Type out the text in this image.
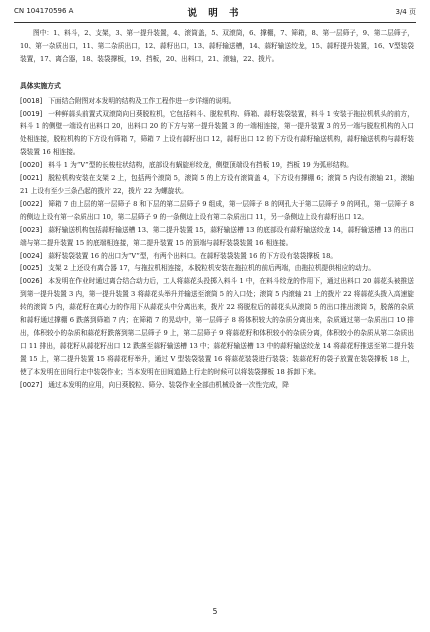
CN 104170596 A	说 明 书	3/4 页

图中：1、料斗，2、支架，3、第一提升装置，4、滚筒盖，5、双滚筒，6、撑棚，7、筛箱，8、第一层筛子，9、第二层筛子，10、第一杂质出口，11、第二杂质出口，12、蒜籽出口，13、蒜籽输送槽，14、蒜籽输送绞龙，15、蒜籽提升装置，16、V型装袋装置，17、离合器，18、装袋撑板，19、挡板，20、出料口，21、滚轴，22、拨片。

具体实施方式

[0018] 下面结合附图对本发明的结构及工作工程作进一步详细的说明。

[0019] 一种鲜蒜头前置式双滚筒向日葵脱粒机，它包括料斗、脱粒机构、筛箱、蒜籽装袋装置，料斗 1 安装于拖拉机机头的前方，料斗 1 的侧壁一端设有出料口 20，出料口 20 的下方与第一提升装置 3 的一端相连接，第一提升装置 3 的另一端与脱粒机构的入口处相连接，脱粒机构的下方设有筛箱 7，筛箱 7 上设有蒜籽出口 12，蒜籽出口 12 的下方设有蒜籽输送机构，蒜籽输送机构与蒜籽装袋装置 16 相连接。

[0020] 料斗 1 为“V”型的长梭柱状结构，底部设有蜗旋形绞龙，侧壁顶端设有挡板 19，挡板 19 为弧形结构。

[0021] 脱粒机构安装在支架 2 上，包括两个滚筒 5，滚筒 5 的上方设有滚筒盖 4，下方设有撑棚 6；滚筒 5 内设有滚轴 21，滚轴 21 上设有至少三条凸起的拨片 22，拨片 22 为螺旋状。

[0022] 筛箱 7 由上层的第一层筛子 8 和下层的第二层筛子 9 组成，第一层筛子 8 的网孔大于第二层筛子 9 的网孔，第一层筛子 8 的侧边上设有第一杂质出口 10，第二层筛子 9 的一条侧边上设有第二杂质出口 11，另一条侧边上设有蒜籽出口 12。

[0023] 蒜籽输送机构包括蒜籽输送槽 13、第二提升装置 15，蒜籽输送槽 13 的底部设有蒜籽输送绞龙 14，蒜籽输送槽 13 的出口端与第二提升装置 15 的底端相连接，第二提升装置 15 的顶端与蒜籽装袋装置 16 相连接。

[0024] 蒜籽装袋装置 16 的出口为“V”型，有两个出料口。在蒜籽装袋装置 16 的下方设有装袋撑板 18。

[0025] 支架 2 上还设有离合器 17，与拖拉机相连接，本脱粒机安装在拖拉机的前后两端，由拖拉机提供相应的动力。

[0026] 本发明在作业时通过离合结合动力后，工人将蒜花头投掷入料斗 1 中，在料斗绞龙的作用下，通过出料口 20 蒜花头被推送到第一提升装置 3 内，第一提升装置 3 将蒜花头举升并输送至滚筒 5 的入口处；滚筒 5 内滚轴 21 上的拨片 22 将蒜花头拨入高速旋转的滚筒 5 内，蒜花籽在离心力的作用下从蒜花头中分离出来，拨片 22 将脱粒后的蒜花头从滚筒 5 的出口推出滚筒 5，脱落的杂质和蒜籽通过撑棚 6 跌落到筛箱 7 内；在筛箱 7 的晃动中，第一层筛子 8 将体积较大的杂质分离出来，杂质通过第一杂质出口 10 排出，体积较小的杂质和蒜花籽跌落到第二层筛子 9 上，第二层筛子 9 将蒜花籽和体积较小的杂质分离，体积较小的杂质从第二杂质出口 11 排出，蒜花籽从蒜花籽出口 12 跌落至蒜籽输送槽 13 中；蒜花籽输送槽 13 中的蒜籽输送绞龙 14 将蒜花籽推送至第二提升装置 15 上，第二提升装置 15 将蒜花籽举升，通过 V 型装袋装置 16 将蒜花装袋进行装袋；装蒜花籽的袋子放置在装袋撑板 18 上，使了本发明在田间行走中装袋作业；当本发明在田间道路上行走的时候可以将装袋撑板 18 拆卸下来。

[0027] 通过本发明的应用，向日葵脱粒、筛分、装袋作业全部由机械设备一次性完成，降

5
